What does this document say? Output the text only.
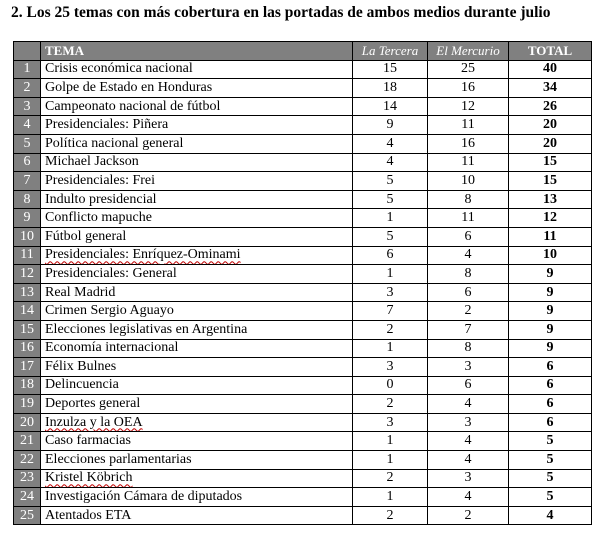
2. Los 25 temas con más cobertura en las portadas de ambos medios durante julio
	TEMA	La Tercera	El Mercurio	TOTAL
1	Crisis económica nacional	15	25	40
2	Golpe de Estado en Honduras	18	16	34
3	Campeonato nacional de fútbol	14	12	26
4	Presidenciales: Piñera	9	11	20
5	Política nacional general	4	16	20
6	Michael Jackson	4	11	15
7	Presidenciales: Frei	5	10	15
8	Indulto presidencial	5	8	13
9	Conflicto mapuche	1	11	12
10	Fútbol general	5	6	11
11	Presidenciales: Enríquez-Ominami	6	4	10
12	Presidenciales: General	1	8	9
13	Real Madrid	3	6	9
14	Crimen Sergio Aguayo	7	2	9
15	Elecciones legislativas en Argentina	2	7	9
16	Economía internacional	1	8	9
17	Félix Bulnes	3	3	6
18	Delincuencia	0	6	6
19	Deportes general	2	4	6
20	Inzulza y la OEA	3	3	6
21	Caso farmacias	1	4	5
22	Elecciones parlamentarias	1	4	5
23	Kristel Köbrich	2	3	5
24	Investigación Cámara de diputados	1	4	5
25	Atentados ETA	2	2	4
